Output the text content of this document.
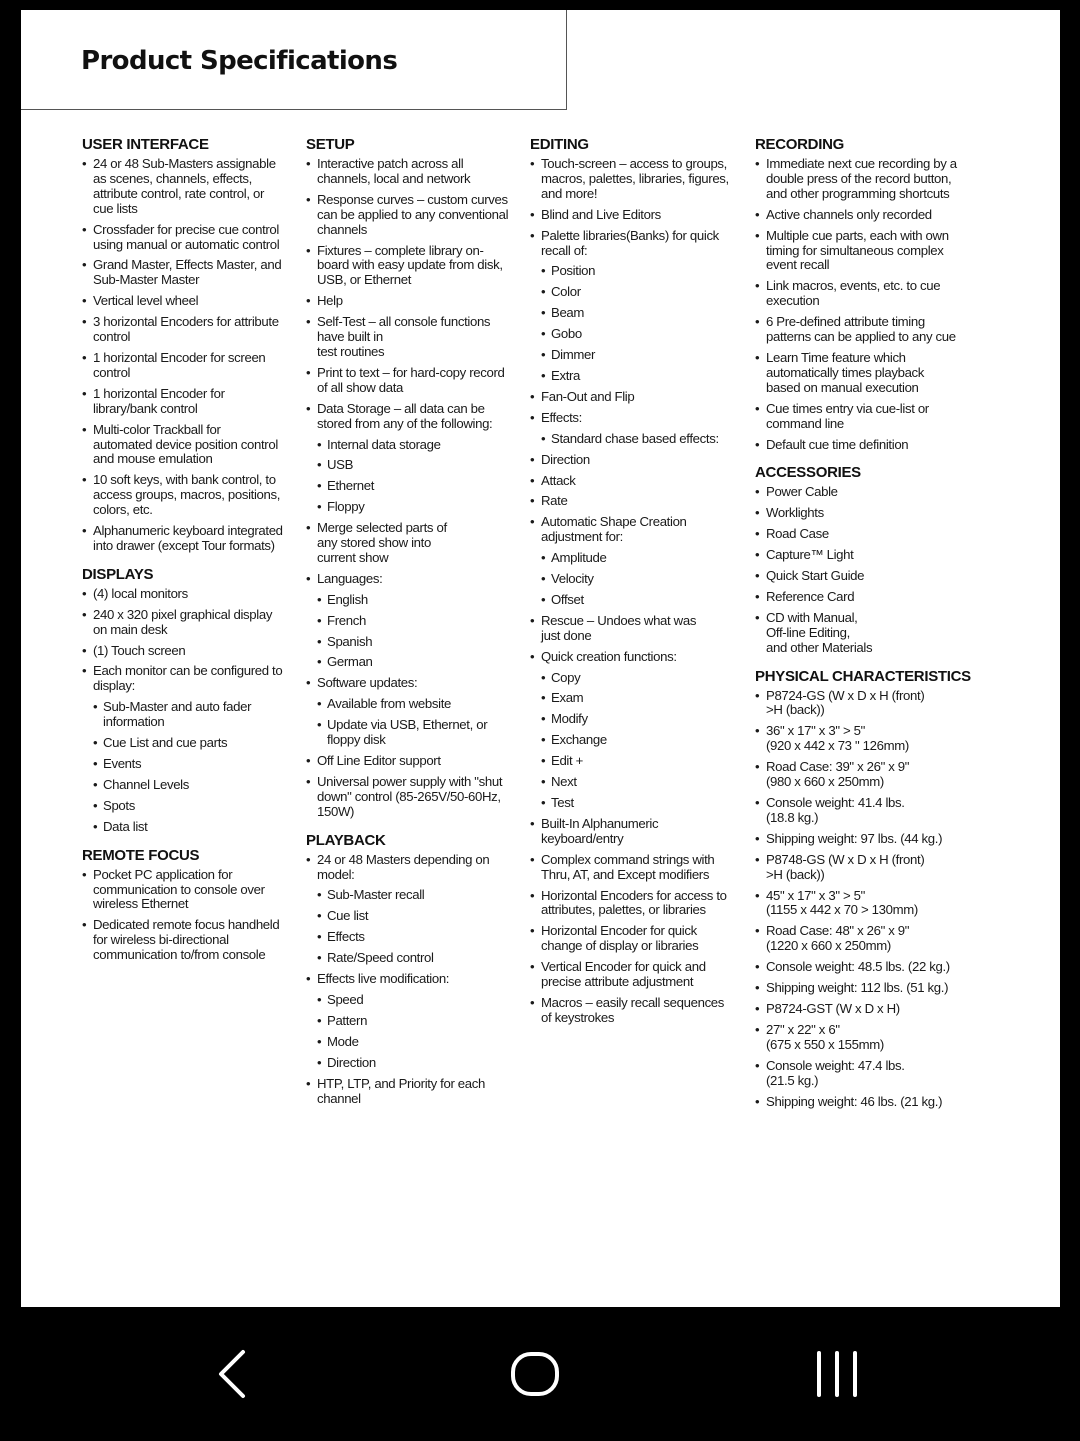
Product Specifications
USER INTERFACE
• 24 or 48 Sub-Masters assignable
as scenes, channels, effects,
attribute control, rate control, or
cue lists
• Crossfader for precise cue control
using manual or automatic control
• Grand Master, Effects Master, and
Sub-Master Master
• Vertical level wheel
• 3 horizontal Encoders for attribute
control
• 1 horizontal Encoder for screen
control
• 1 horizontal Encoder for
library/bank control
• Multi-color Trackball for
automated device position control
and mouse emulation
• 10 soft keys, with bank control, to
access groups, macros, positions,
colors, etc.
• Alphanumeric keyboard integrated
into drawer (except Tour formats)
DISPLAYS
• (4) local monitors
• 240 x 320 pixel graphical display
on main desk
• (1) Touch screen
• Each monitor can be configured to
display:
• Sub-Master and auto fader
information
• Cue List and cue parts
• Events
• Channel Levels
• Spots
• Data list
REMOTE FOCUS
• Pocket PC application for
communication to console over
wireless Ethernet
• Dedicated remote focus handheld
for wireless bi-directional
communication to/from console
SETUP
• Interactive patch across all
channels, local and network
• Response curves – custom curves
can be applied to any conventional
channels
• Fixtures – complete library on-
board with easy update from disk,
USB, or Ethernet
• Help
• Self-Test – all console functions
have built in
test routines
• Print to text – for hard-copy record
of all show data
• Data Storage – all data can be
stored from any of the following:
• Internal data storage
• USB
• Ethernet
• Floppy
• Merge selected parts of
any stored show into
current show
• Languages:
• English
• French
• Spanish
• German
• Software updates:
• Available from website
• Update via USB, Ethernet, or
floppy disk
• Off Line Editor support
• Universal power supply with "shut
down" control (85-265V/50-60Hz,
150W)
PLAYBACK
• 24 or 48 Masters depending on
model:
• Sub-Master recall
• Cue list
• Effects
• Rate/Speed control
• Effects live modification:
• Speed
• Pattern
• Mode
• Direction
• HTP, LTP, and Priority for each
channel
EDITING
• Touch-screen – access to groups,
macros, palettes, libraries, figures,
and more!
• Blind and Live Editors
• Palette libraries(Banks) for quick
recall of:
• Position
• Color
• Beam
• Gobo
• Dimmer
• Extra
• Fan-Out and Flip
• Effects:
• Standard chase based effects:
• Direction
• Attack
• Rate
• Automatic Shape Creation
adjustment for:
• Amplitude
• Velocity
• Offset
• Rescue – Undoes what was
just done
• Quick creation functions:
• Copy
• Exam
• Modify
• Exchange
• Edit +
• Next
• Test
• Built-In Alphanumeric
keyboard/entry
• Complex command strings with
Thru, AT, and Except modifiers
• Horizontal Encoders for access to
attributes, palettes, or libraries
• Horizontal Encoder for quick
change of display or libraries
• Vertical Encoder for quick and
precise attribute adjustment
• Macros – easily recall sequences
of keystrokes
RECORDING
• Immediate next cue recording by a
double press of the record button,
and other programming shortcuts
• Active channels only recorded
• Multiple cue parts, each with own
timing for simultaneous complex
event recall
• Link macros, events, etc. to cue
execution
• 6 Pre-defined attribute timing
patterns can be applied to any cue
• Learn Time feature which
automatically times playback
based on manual execution
• Cue times entry via cue-list or
command line
• Default cue time definition
ACCESSORIES
• Power Cable
• Worklights
• Road Case
• Capture™ Light
• Quick Start Guide
• Reference Card
• CD with Manual,
Off-line Editing,
and other Materials
PHYSICAL CHARACTERISTICS
• P8724-GS (W x D x H (front)
>H (back))
• 36" x 17" x 3" > 5"
(920 x 442 x 73 " 126mm)
• Road Case: 39" x 26" x 9"
(980 x 660 x 250mm)
• Console weight: 41.4 lbs.
(18.8 kg.)
• Shipping weight: 97 lbs. (44 kg.)
• P8748-GS (W x D x H (front)
>H (back))
• 45" x 17" x 3" > 5"
(1155 x 442 x 70 > 130mm)
• Road Case: 48" x 26" x 9"
(1220 x 660 x 250mm)
• Console weight: 48.5 lbs. (22 kg.)
• Shipping weight: 112 lbs. (51 kg.)
• P8724-GST (W x D x H)
• 27" x 22" x 6"
(675 x 550 x 155mm)
• Console weight: 47.4 lbs.
(21.5 kg.)
• Shipping weight: 46 lbs. (21 kg.)
